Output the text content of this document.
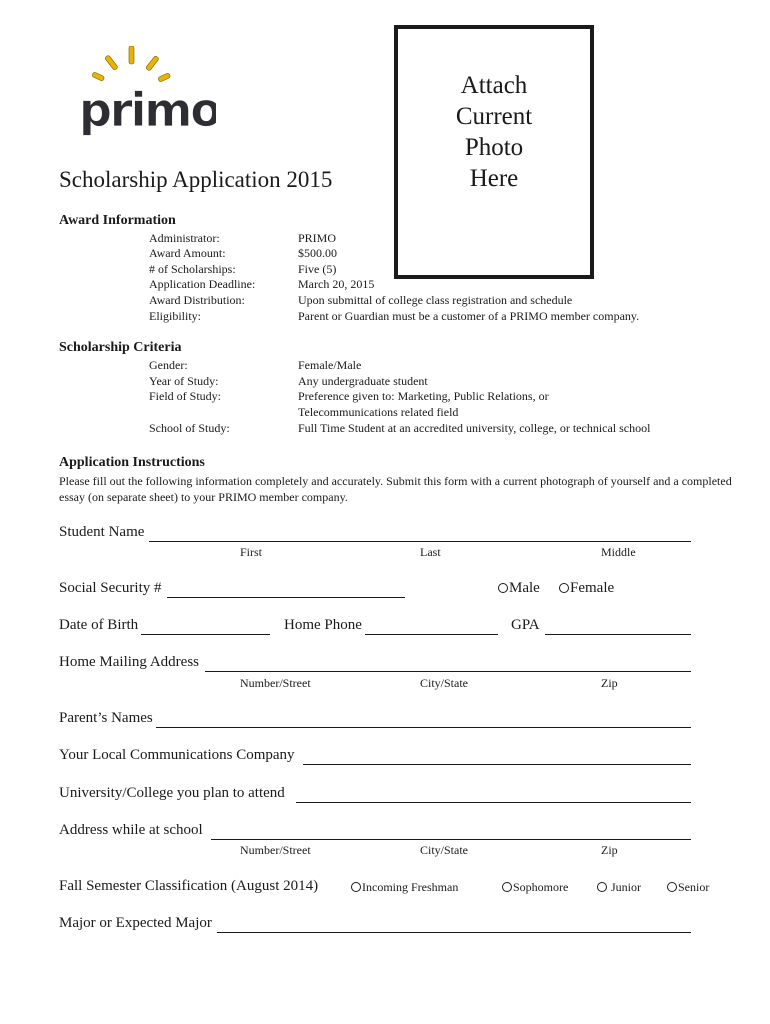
primo	Attach
Current
Photo
Here
Scholarship Application 2015
Award Information
Administrator:	PRIMO
Award Amount:	$500.00
# of Scholarships:	Five (5)
Application Deadline:	March 20, 2015
Award Distribution:	Upon submittal of college class registration and schedule
Eligibility:	Parent or Guardian must be a customer of a PRIMO member company.
Scholarship Criteria
Gender:	Female/Male
Year of Study:	Any undergraduate student
Field of Study:	Preference given to: Marketing, Public Relations, or
Telecommunications related field
School of Study:	Full Time Student at an accredited university, college, or technical school
Application Instructions
Please fill out the following information completely and accurately. Submit this form with a current photograph of yourself and a completed essay (on separate sheet) to your PRIMO member company.
Student Name
First	Last	Middle
Social Security #	Male	Female
Date of Birth	Home Phone	GPA
Home Mailing Address
Number/Street	City/State	Zip
Parent’s Names
Your Local Communications Company
University/College you plan to attend
Address while at school
Number/Street	City/State	Zip
Fall Semester Classification (August 2014)	Incoming Freshman	Sophomore	Junior	Senior
Major or Expected Major
